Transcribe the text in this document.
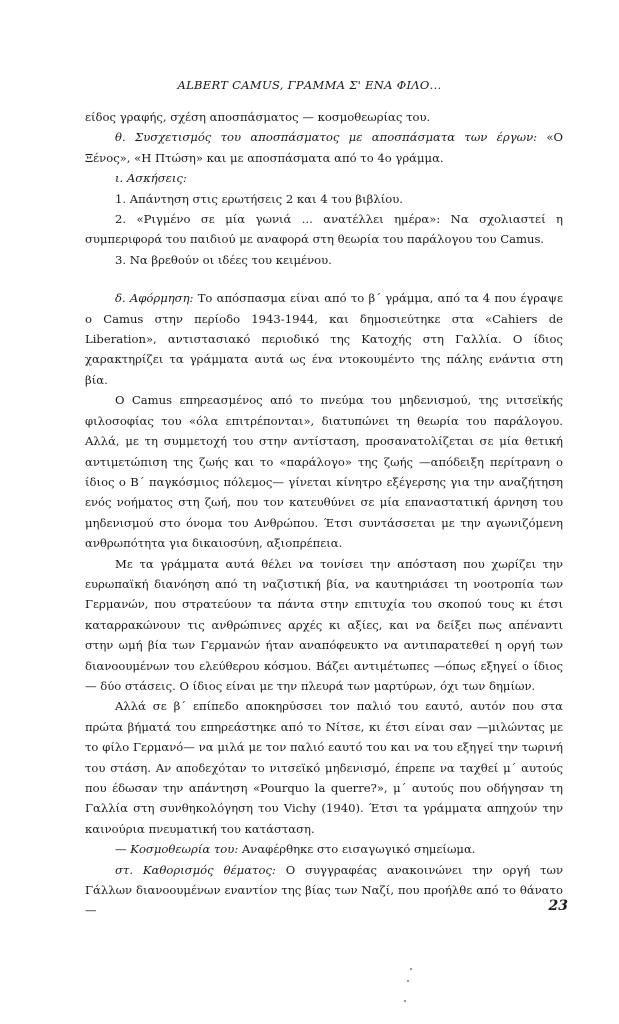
ALBERT CAMUS, ΓΡΑΜΜΑ Σ' ΕΝΑ ΦΙΛΟ...

είδος γραφής, σχέση αποσπάσματος — κοσμοθεωρίας του.

θ. Συσχετισμός του αποσπάσματος με αποσπάσματα των έργων: «Ο Ξένος», «Η Πτώση» και με αποσπάσματα από το 4ο γράμμα.

ι. Ασκήσεις:

1. Απάντηση στις ερωτήσεις 2 και 4 του βιβλίου.

2. «Ριγμένο σε μία γωνιά ... ανατέλλει ημέρα»: Να σχολιαστεί η συμπεριφορά του παιδιού με αναφορά στη θεωρία του παράλογου του Camus.

3. Να βρεθούν οι ιδέες του κειμένου.

δ. Αφόρμηση: Το απόσπασμα είναι από το β΄ γράμμα, από τα 4 που έγραψε ο Camus στην περίοδο 1943-1944, και δημοσιεύτηκε στα «Cahiers de Liberation», αντιστασιακό περιοδικό της Κατοχής στη Γαλλία. Ο ίδιος χαρακτηρίζει τα γράμματα αυτά ως ένα ντοκουμέντο της πάλης ενάντια στη βία.

Ο Camus επηρεασμένος από το πνεύμα του μηδενισμού, της νιτσεϊκής φιλοσοφίας του «όλα επιτρέπονται», διατυπώνει τη θεωρία του παράλογου. Αλλά, με τη συμμετοχή του στην αντίσταση, προσανατολίζεται σε μία θετική αντιμετώπιση της ζωής και το «παράλογο» της ζωής —απόδειξη περίτρανη ο ίδιος ο Β΄ παγκόσμιος πόλεμος— γίνεται κίνητρο εξέγερσης για την αναζήτηση ενός νοήματος στη ζωή, που τον κατευθύνει σε μία επαναστατική άρνηση του μηδενισμού στο όνομα του Ανθρώπου. Έτσι συντάσσεται με την αγωνιζόμενη ανθρωπότητα για δικαιοσύνη, αξιοπρέπεια.

Με τα γράμματα αυτά θέλει να τονίσει την απόσταση που χωρίζει την ευρωπαϊκή διανόηση από τη ναζιστική βία, να καυτηριάσει τη νοοτροπία των Γερμανών, που στρατεύουν τα πάντα στην επιτυχία του σκοπού τους κι έτσι καταρρακώνουν τις ανθρώπινες αρχές κι αξίες, και να δείξει πως απέναντι στην ωμή βία των Γερμανών ήταν αναπόφευκτο να αντιπαρατεθεί η οργή των διανοουμένων του ελεύθερου κόσμου. Βάζει αντιμέτωπες —όπως εξηγεί ο ίδιος— δύο στάσεις. Ο ίδιος είναι με την πλευρά των μαρτύρων, όχι των δημίων.

Αλλά σε β΄ επίπεδο αποκηρύσσει τον παλιό του εαυτό, αυτόν που στα πρώτα βήματά του επηρεάστηκε από το Νίτσε, κι έτσι είναι σαν —μιλώντας με το φίλο Γερμανό— να μιλά με τον παλιό εαυτό του και να του εξηγεί την τωρινή του στάση. Αν αποδεχόταν το νιτσεϊκό μηδενισμό, έπρεπε να ταχθεί μ΄ αυτούς που έδωσαν την απάντηση «Pourquo la querre?», μ΄ αυτούς που οδήγησαν τη Γαλλία στη συνθηκολόγηση του Vichy (1940). Έτσι τα γράμματα απηχούν την καινούρια πνευματική του κατάσταση.

— Κοσμοθεωρία του: Αναφέρθηκε στο εισαγωγικό σημείωμα.

στ. Καθορισμός θέματος: Ο συγγραφέας ανακοινώνει την οργή των Γάλλων διανοουμένων εναντίον της βίας των Ναζί, που προήλθε από το θάνατο —	23
